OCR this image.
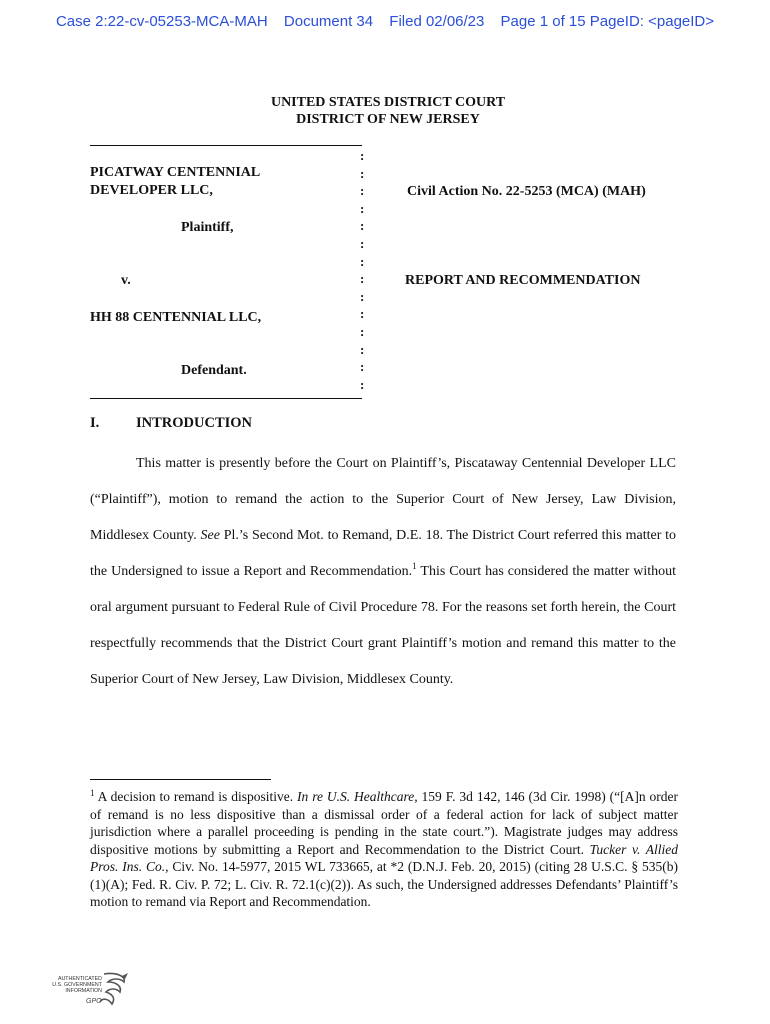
Case 2:22-cv-05253-MCA-MAH Document 34 Filed 02/06/23 Page 1 of 15 PageID: <pageID>
UNITED STATES DISTRICT COURT
DISTRICT OF NEW JERSEY
:
:
:
:
:
:
:
:
:
:
:
:
:
:
PICATWAY CENTENNIAL
DEVELOPER LLC,
Plaintiff,
v.
HH 88 CENTENNIAL LLC,
Defendant.
Civil Action No. 22-5253 (MCA) (MAH)
REPORT AND RECOMMENDATION
I.	INTRODUCTION

This matter is presently before the Court on Plaintiff’s, Piscataway Centennial Developer LLC (“Plaintiff”), motion to remand the action to the Superior Court of New Jersey, Law Division, Middlesex County. See Pl.’s Second Mot. to Remand, D.E. 18. The District Court referred this matter to the Undersigned to issue a Report and Recommendation.$^1$ This Court has considered the matter without oral argument pursuant to Federal Rule of Civil Procedure 78. For the reasons set forth herein, the Court respectfully recommends that the District Court grant Plaintiff’s motion and remand this matter to the Superior Court of New Jersey, Law Division, Middlesex County.

$^1$ A decision to remand is dispositive. In re U.S. Healthcare, 159 F. 3d 142, 146 (3d Cir. 1998) (“[A]n order of remand is no less dispositive than a dismissal order of a federal action for lack of subject matter jurisdiction where a parallel proceeding is pending in the state court.”). Magistrate judges may address dispositive motions by submitting a Report and Recommendation to the District Court. Tucker v. Allied Pros. Ins. Co., Civ. No. 14-5977, 2015 WL 733665, at *2 (D.N.J. Feb. 20, 2015) (citing 28 U.S.C. § 535(b)(1)(A); Fed. R. Civ. P. 72; L. Civ. R. 72.1(c)(2)). As such, the Undersigned addresses Defendants’ Plaintiff’s motion to remand via Report and Recommendation.

AUTHENTICATED
U.S. GOVERNMENT
INFORMATION
GPO
